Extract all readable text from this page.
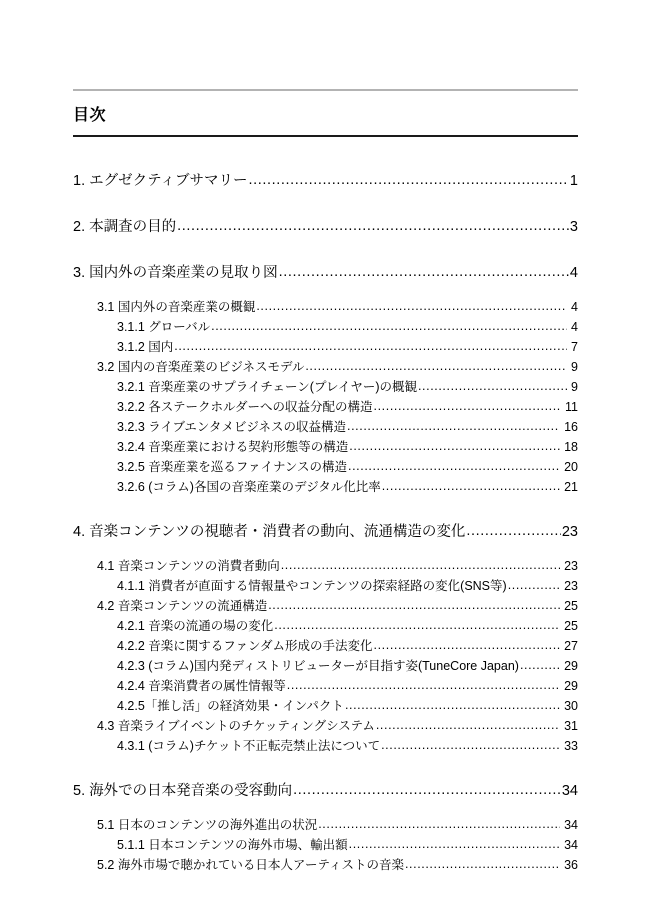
目次
1. エグゼクティブサマリー .....	1
2. 本調査の目的 .....	3
3. 国内外の音楽産業の見取り図 .....	4
3.1 国内外の音楽産業の概観 .....	4
3.1.1 グローバル .....	4
3.1.2 国内 .....	7
3.2 国内の音楽産業のビジネスモデル .....	9
3.2.1 音楽産業のサプライチェーン(プレイヤー)の概観 .....	9
3.2.2 各ステークホルダーへの収益分配の構造 .....	11
3.2.3 ライブエンタメビジネスの収益構造 .....	16
3.2.4 音楽産業における契約形態等の構造 .....	18
3.2.5 音楽産業を巡るファイナンスの構造 .....	20
3.2.6 (コラム)各国の音楽産業のデジタル化比率 .....	21
4. 音楽コンテンツの視聴者・消費者の動向、流通構造の変化 .....	23
4.1 音楽コンテンツの消費者動向 .....	23
4.1.1 消費者が直面する情報量やコンテンツの探索経路の変化(SNS等) .....	23
4.2 音楽コンテンツの流通構造 .....	25
4.2.1 音楽の流通の場の変化 .....	25
4.2.2 音楽に関するファンダム形成の手法変化 .....	27
4.2.3 (コラム)国内発ディストリビューターが目指す姿(TuneCore Japan) .....	29
4.2.4 音楽消費者の属性情報等 .....	29
4.2.5「推し活」の経済効果・インパクト .....	30
4.3 音楽ライブイベントのチケッティングシステム .....	31
4.3.1 (コラム)チケット不正転売禁止法について .....	33
5. 海外での日本発音楽の受容動向 .....	34
5.1 日本のコンテンツの海外進出の状況 .....	34
5.1.1 日本コンテンツの海外市場、輸出額 .....	34
5.2 海外市場で聴かれている日本人アーティストの音楽 .....	36
